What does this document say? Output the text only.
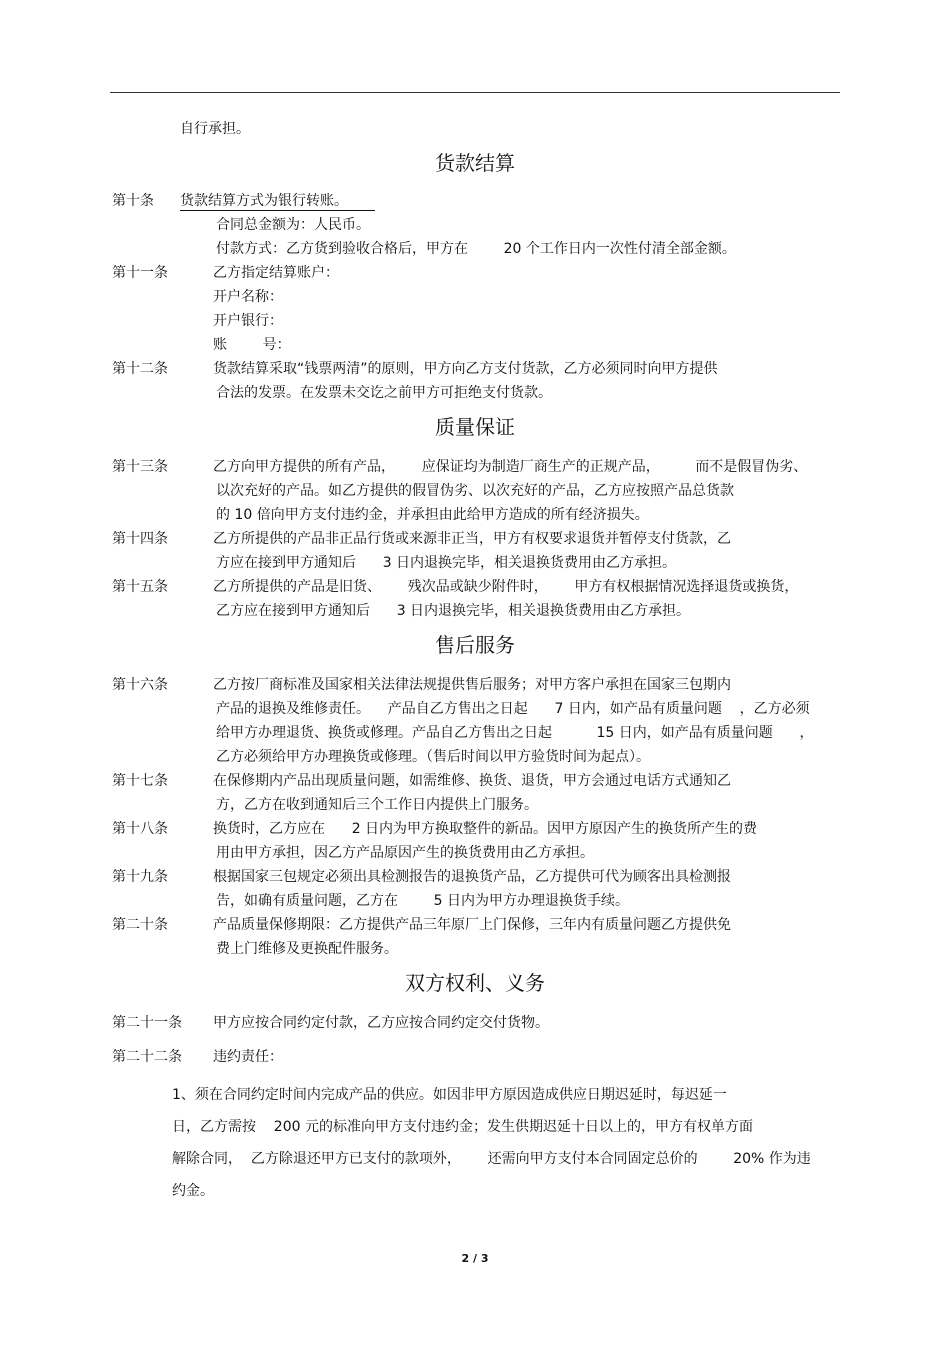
自行承担。
货款结算
第十条 货款结算方式为银行转账。
合同总金额为：人民币。
付款方式：乙方货到验收合格后，甲方在        20 个工作日内一次性付清全部金额。
第十一条	乙方指定结算账户：
开户名称：
开户银行：
账        号：
第十二条	货款结算采取“钱票两清”的原则，甲方向乙方支付货款，乙方必须同时向甲方提供
合法的发票。在发票未交讫之前甲方可拒绝支付货款。
质量保证
第十三条	乙方向甲方提供的所有产品，      应保证均为制造厂商生产的正规产品，        而不是假冒伪劣、
以次充好的产品。如乙方提供的假冒伪劣、以次充好的产品，乙方应按照产品总货款
的 10 倍向甲方支付违约金，并承担由此给甲方造成的所有经济损失。
第十四条	乙方所提供的产品非正品行货或来源非正当，甲方有权要求退货并暂停支付货款，乙
方应在接到甲方通知后      3 日内退换完毕，相关退换货费用由乙方承担。
第十五条	乙方所提供的产品是旧货、      残次品或缺少附件时，      甲方有权根据情况选择退货或换货，
乙方应在接到甲方通知后      3 日内退换完毕，相关退换货费用由乙方承担。
售后服务
第十六条	乙方按厂商标准及国家相关法律法规提供售后服务；对甲方客户承担在国家三包期内
产品的退换及维修责任。    产品自乙方售出之日起      7 日内，如产品有质量问题    ，乙方必须
给甲方办理退货、换货或修理。产品自乙方售出之日起          15 日内，如产品有质量问题      ，
乙方必须给甲方办理换货或修理。（售后时间以甲方验货时间为起点）。
第十七条	在保修期内产品出现质量问题，如需维修、换货、退货，甲方会通过电话方式通知乙
方，乙方在收到通知后三个工作日内提供上门服务。
第十八条	换货时，乙方应在      2 日内为甲方换取整件的新品。因甲方原因产生的换货所产生的费
用由甲方承担，因乙方产品原因产生的换货费用由乙方承担。
第十九条	根据国家三包规定必须出具检测报告的退换货产品，乙方提供可代为顾客出具检测报
告，如确有质量问题，乙方在        5 日内为甲方办理退换货手续。
第二十条	产品质量保修期限：乙方提供产品三年原厂上门保修，三年内有质量问题乙方提供免
费上门维修及更换配件服务。
双方权利、义务
第二十一条 甲方应按合同约定付款，乙方应按合同约定交付货物。
第二十二条 违约责任：
1、须在合同约定时间内完成产品的供应。如因非甲方原因造成供应日期迟延时，每迟延一
日，乙方需按    200 元的标准向甲方支付违约金；发生供期迟延十日以上的，甲方有权单方面
解除合同，  乙方除退还甲方已支付的款项外，      还需向甲方支付本合同固定总价的        20% 作为违
约金。
2 / 3
